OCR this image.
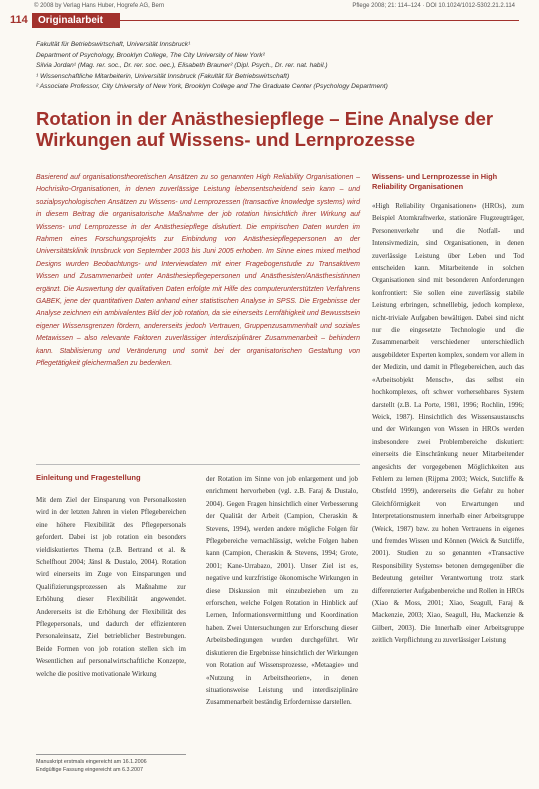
© 2008 by Verlag Hans Huber, Hogrefe AG, Bern	Pflege 2008; 21: 114–124 · DOI 10.1024/1012-5302.21.2.114
114	Originalarbeit
Fakultät für Betriebswirtschaft, Universität Innsbruck¹
Department of Psychology, Brooklyn College, The City University of New York²
Silvia Jordan¹ (Mag. rer. soc., Dr. rer. soc. oec.), Elisabeth Brauner² (Dipl. Psych., Dr. rer. nat. habil.)
¹ Wissenschaftliche Mitarbeiterin, Universität Innsbruck (Fakultät für Betriebswirtschaft)
² Associate Professor, City University of New York, Brooklyn College and The Graduate Center (Psychology Department)
Rotation in der Anästhesiepflege – Eine Analyse der Wirkungen auf Wissens- und Lernprozesse
Basierend auf organisationstheoretischen Ansätzen zu so genannten High Reliability Organisationen – Hochrisiko-Organisationen, in denen zuverlässige Leistung lebensentscheidend sein kann – und sozialpsychologischen Ansätzen zu Wissens- und Lernprozessen (transactive knowledge systems) wird in diesem Beitrag die organisatorische Maßnahme der job rotation hinsichtlich ihrer Wirkung auf Wissens- und Lernprozesse in der Anästhesiepflege diskutiert. Die empirischen Daten wurden im Rahmen eines Forschungsprojekts zur Einbindung von Anästhesiepflegepersonen an der Universitätsklinik Innsbruck von September 2003 bis Juni 2005 erhoben. Im Sinne eines mixed method Designs wurden Beobachtungs- und Interviewdaten mit einer Fragebogenstudie zu Transaktivem Wissen und Zusammenarbeit unter Anästhesiepflegepersonen und Anästhesisten/Anästhesistinnen ergänzt. Die Auswertung der qualitativen Daten erfolgte mit Hilfe des computerunterstützten Verfahrens GABEK, jene der quantitativen Daten anhand einer statistischen Analyse in SPSS. Die Ergebnisse der Analyse zeichnen ein ambivalentes Bild der job rotation, da sie einerseits Lernfähigkeit und Bewusstsein eigener Wissensgrenzen fördern, andererseits jedoch Vertrauen, Gruppenzusammenhalt und soziales Metawissen – also relevante Faktoren zuverlässiger interdisziplinärer Zusammenarbeit – behindern kann. Stabilisierung und Veränderung und somit bei der organisatorischen Gestaltung von Pflegetätigkeit gleichermaßen zu bedenken.
Wissens- und Lernprozesse in High Reliability Organisationen

«High Reliability Organisationen» (HROs), zum Beispiel Atomkraftwerke, stationäre Flugzeugträger, Personenverkehr und die Notfall- und Intensivmedizin, sind Organisationen, in denen zuverlässige Leistung über Leben und Tod entscheiden kann. Mitarbeitende in solchen Organisationen sind mit besonderen Anforderungen konfrontiert: Sie sollen eine zuverlässig stabile Leistung erbringen, schnelllebig, jedoch komplexe, nicht-triviale Aufgaben bewältigen. Dabei sind nicht nur die eingesetzte Technologie und die Zusammenarbeit verschiedener unterschiedlich ausgebildeter Experten komplex, sondern vor allem in der Medizin, und damit in Pflegebereichen, auch das «Arbeitsobjekt Mensch», das selbst ein hochkomplexes, oft schwer vorhersehbares System darstellt (z.B. La Porte, 1981, 1996; Rochlin, 1996; Weick, 1987). Hinsichtlich des Wissensaustauschs und der Wirkungen von Wissen in HROs werden insbesondere zwei Problembereiche diskutiert: einerseits die Einschränkung neuer Mitarbeitender angesichts der vorgegebenen Möglichkeiten aus Fehlern zu lernen (Rijpma 2003; Weick, Sutcliffe & Obstfeld 1999), andererseits die Gefahr zu hoher Gleichförmigkeit von Erwartungen und Interpretationsmustern innerhalb einer Arbeitsgruppe (Weick, 1987) bzw. zu hohen Vertrauens in eigenes und fremdes Wissen und Können (Weick & Sutcliffe, 2001). Studien zu so genannten «Transactive Responsibility Systems» betonen demgegenüber die Bedeutung geteilter Verantwortung trotz stark differenzierter Aufgabenbereiche und Rollen in HROs (Xiao & Moss, 2001; Xiao, Seagull, Faraj & Mackenzie, 2003; Xiao, Seagull, Hu, Mackenzie & Gilbert, 2003). Die Innerhalb einer Arbeitsgruppe zeitlich Verpflichtung zu zuverlässiger Leistung

Einleitung und Fragestellung

Mit dem Ziel der Einsparung von Personalkosten wird in der letzten Jahren in vielen Pflegebereichen eine höhere Flexibilität des Pflegepersonals gefordert. Dabei ist job rotation ein besonders vieldiskutiertes Thema (z.B. Bertrand et al. & Schelfhout 2004; Jänsl & Dustalo, 2004). Rotation wird einerseits im Zuge von Einsparungen und Qualifizierungsprozessen als Maßnahme zur Erhöhung dieser Flexibilität angewendet. Andererseits ist die Erhöhung der Flexibilität des Pflegepersonals, und dadurch der effizienteren Personaleinsatz, Ziel betrieblicher Bestrebungen. Beide Formen von job rotation stellen sich im Wesentlichen auf personalwirtschaftliche Konzepte, welche die positive motivationale Wirkung

der Rotation im Sinne von job enlargement und job enrichment hervorheben (vgl. z.B. Faraj & Dustalo, 2004). Gegen Fragen hinsichtlich einer Verbesserung der Qualität der Arbeit (Campion, Cheraskin & Stevens, 1994), werden andere mögliche Folgen für Pflegebereiche vernachlässigt, welche Folgen haben kann (Campion, Cheraskin & Stevens, 1994; Grote, 2001; Kane-Urrabazo, 2001). Unser Ziel ist es, negative und kurzfristige ökonomische Wirkungen in diese Diskussion mit einzubeziehen um zu erforschen, welche Folgen Rotation in Hinblick auf Lernen, Informationsvermittlung und Koordination haben. Zwei Untersuchungen zur Erforschung dieser Arbeitsbedingungen wurden durchgeführt. Wir diskutieren die Ergebnisse hinsichtlich der Wirkungen von Rotation auf Wissensprozesse, «Metaagie» und «Nutzung in Arbeitstheorien», in denen situationsweise Leistung und interdisziplinäre Zusammenarbeit beständig Erfordernisse darstellen.
Manuskript erstmals eingereicht am 16.1.2006
Endgültige Fassung eingereicht am 6.3.2007
